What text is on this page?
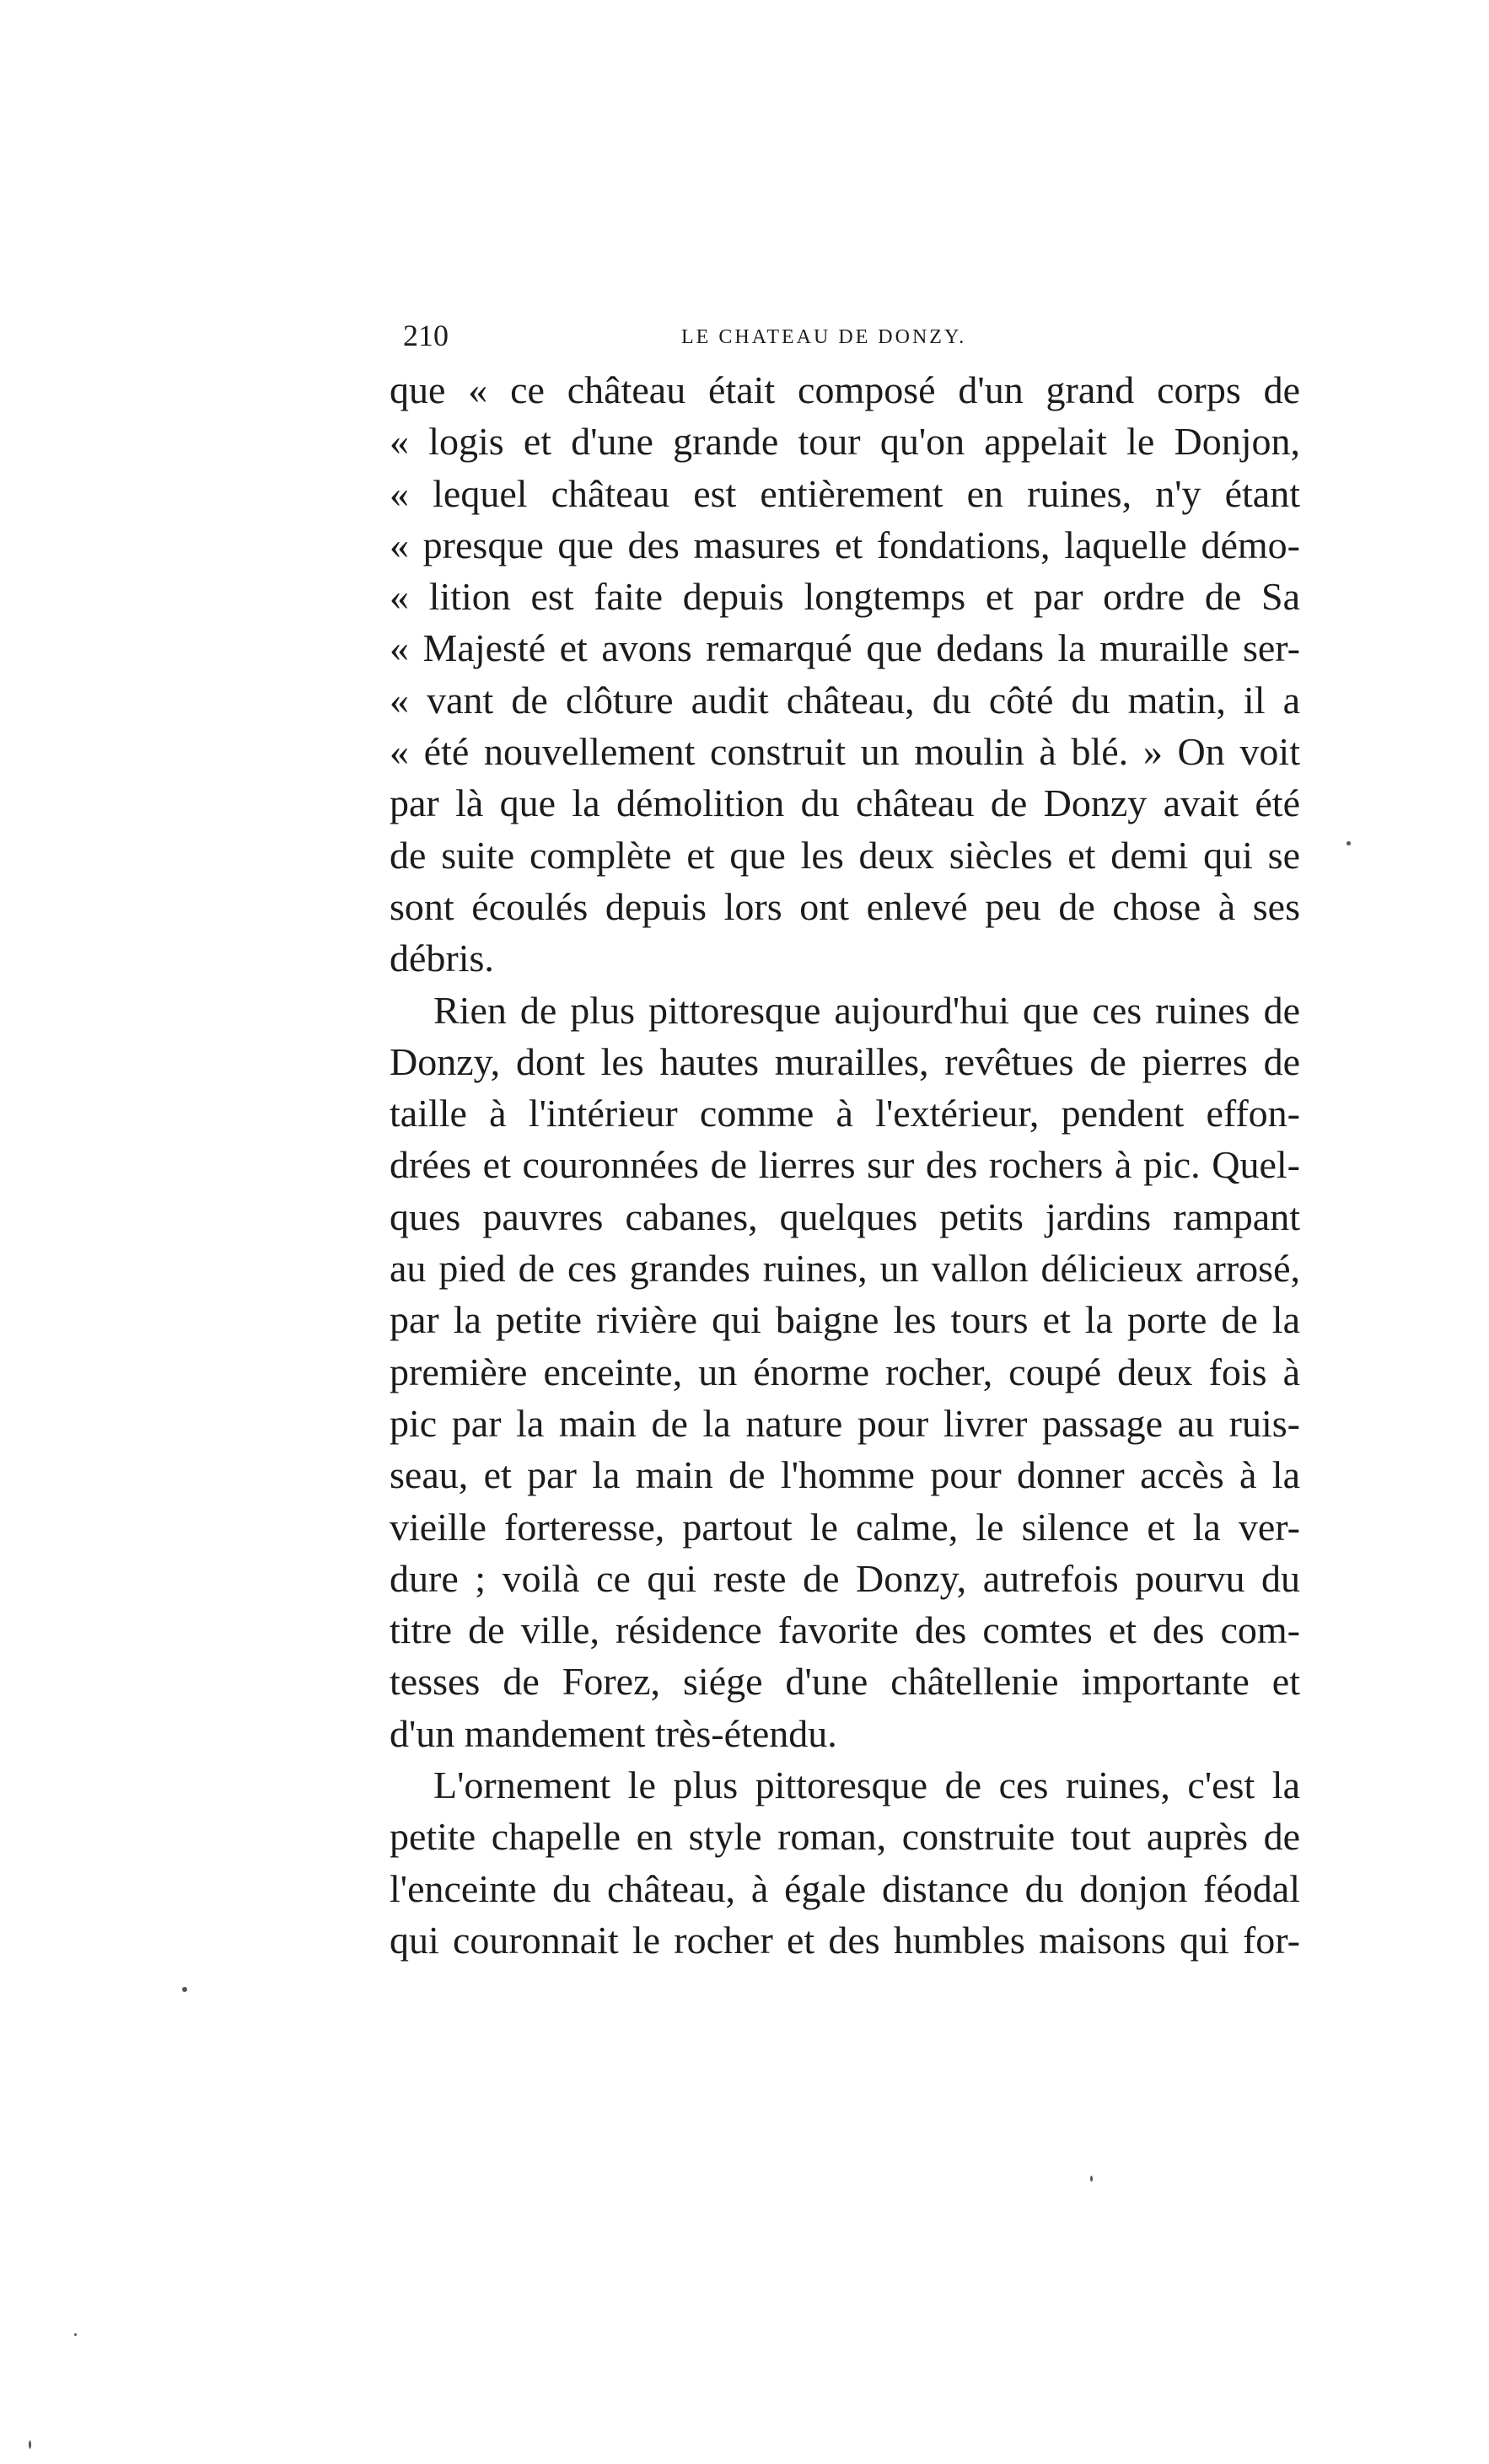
210	LE CHATEAU DE DONZY.
que « ce château était composé d'un grand corps de
« logis et d'une grande tour qu'on appelait le Donjon,
« lequel château est entièrement en ruines, n'y étant
« presque que des masures et fondations, laquelle démo-
« lition est faite depuis longtemps et par ordre de Sa
« Majesté et avons remarqué que dedans la muraille ser-
« vant de clôture audit château, du côté du matin, il a
« été nouvellement construit un moulin à blé. » On voit
par là que la démolition du château de Donzy avait été
de suite complète et que les deux siècles et demi qui se
sont écoulés depuis lors ont enlevé peu de chose à ses
débris.
Rien de plus pittoresque aujourd'hui que ces ruines de
Donzy, dont les hautes murailles, revêtues de pierres de
taille à l'intérieur comme à l'extérieur, pendent effon-
drées et couronnées de lierres sur des rochers à pic. Quel-
ques pauvres cabanes, quelques petits jardins rampant
au pied de ces grandes ruines, un vallon délicieux arrosé,
par la petite rivière qui baigne les tours et la porte de la
première enceinte, un énorme rocher, coupé deux fois à
pic par la main de la nature pour livrer passage au ruis-
seau, et par la main de l'homme pour donner accès à la
vieille forteresse, partout le calme, le silence et la ver-
dure ; voilà ce qui reste de Donzy, autrefois pourvu du
titre de ville, résidence favorite des comtes et des com-
tesses de Forez, siége d'une châtellenie importante et
d'un mandement très-étendu.
L'ornement le plus pittoresque de ces ruines, c'est la
petite chapelle en style roman, construite tout auprès de
l'enceinte du château, à égale distance du donjon féodal
qui couronnait le rocher et des humbles maisons qui for-
